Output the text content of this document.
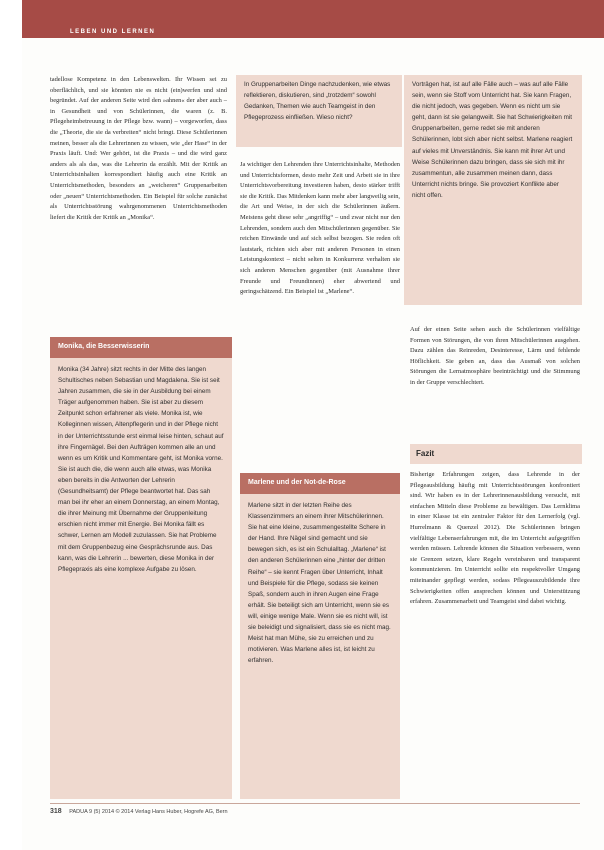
LEBEN UND LERNEN

tadellose Kompetenz in den Lebenswelten. Ihr Wissen sei zu oberflächlich, und sie könnten nie es nicht (ein)werfen und sind begründet. Auf der anderen Seite wird den »ahnen« der aber auch – in Gesundheit und von Schülerinnen, die waren (z. B. Pflegeheimbetreuung in der Pflege bzw. wann) – vorgeworfen, dass die „Theorie, die sie da verbreiten“ nicht bringt. Diese Schülerinnen meinen, besser als die Lehrerinnen zu wissen, wie „der Hase“ in der Praxis läuft. Und: Wer gehört, ist die Praxis – und die wird ganz anders als als das, was die Lehrerin da erzählt. Mit der Kritik an Unterrichtsinhalten korrespondiert häufig auch eine Kritik an Unterrichtsmethoden, besonders an „weicheren“ Gruppenarbeiten oder „neuen“ Unterrichtsmethoden. Ein Beispiel für solche zunächst als Unterrichtsstörung wahrgenommenen Unterrichtsmethoden liefert die Kritik der Kritik an „Monika“.

Monika, die Besserwisserin

Monika (34 Jahre) sitzt rechts in der Mitte des langen Schultisches neben Sebastian und Magdalena. Sie ist seit Jahren zusammen, die sie in der Ausbildung bei einem Träger aufgenommen haben. Sie ist aber zu diesem Zeitpunkt schon erfahrener als viele. Monika ist, wie Kolleginnen wissen, Altenpflegerin und in der Pflege nicht in der Unterrichtsstunde erst einmal leise hinten, schaut auf ihre Fingernägel. Bei den Aufträgen kommen alle an und wenn es um Kritik und Kommentare geht, ist Monika vorne. Sie ist auch die, die wenn auch alle etwas, was Monika eben bereits in die Antworten der Lehrerin (Gesundheitsamt) der Pflege beantwortet hat. Das sah man bei ihr eher an einem Donnerstag, an einem Montag, die ihrer Meinung mit Übernahme der Gruppenleitung erschien nicht immer mit Energie. Bei Monika fällt es schwer, Lernen am Modell zuzulassen. Sie hat Probleme mit dem Gruppenbezug eine Gesprächsrunde aus. Das kann, was die Lehrerin ... bewerten, diese Monika in der Pflegepraxis als eine komplexe Aufgabe zu lösen.

In Gruppenarbeiten Dinge nachzudenken, wie etwas reflektieren, diskutieren, sind „trotzdem“ sowohl Gedanken, Themen wie auch Teamgeist in den Pflegeprozess einfließen. Wieso nicht?

Ja wichtiger den Lehrenden ihre Unterrichtsinhalte, Methoden und Unterrichtsformen, desto mehr Zeit und Arbeit sie in ihre Unterrichtsvorbereitung investieren haben, desto stärker trifft sie die Kritik. Das Mitdenken kann mehr aber langweilig sein, die Art und Weise, in der sich die Schülerinnen äußern. Meistens geht diese sehr „angriffig“ – und zwar nicht nur den Lehrenden, sondern auch den Mitschülerinnen gegenüber. Sie reichen Einwände und auf sich selbst bezogen. Sie reden oft lautstark, richten sich aber mit anderen Personen in einen Leistungskontext – nicht selten in Konkurrenz verhalten sie sich anderen Menschen gegenüber (mit Ausnahme ihrer Freunde und Freundinnen) eher abwertend und geringschätzend. Ein Beispiel ist „Marlene“.

Marlene und der Not-de-Rose

Marlene sitzt in der letzten Reihe des Klassenzimmers an einem ihrer Mitschülerinnen. Sie hat eine kleine, zusammengestellte Schere in der Hand. Ihre Nägel sind gemacht und sie bewegen sich, es ist ein Schulalltag. „Marlene“ ist den anderen Schülerinnen eine „hinter der dritten Reihe“ – sie kennt Fragen über Unterricht, Inhalt und Beispiele für die Pflege, sodass sie keinen Spaß, sondern auch in ihren Augen eine Frage erhält. Sie beteiligt sich am Unterricht, wenn sie es will, einige wenige Male. Wenn sie es nicht will, ist sie beleidigt und signalisiert, dass sie es nicht mag. Meist hat man Mühe, sie zu erreichen und zu motivieren. Was Marlene alles ist, ist leicht zu erfahren.

Vorträgen hat, ist auf alle Fälle auch – was auf alle Fälle sein, wenn sie Stoff vom Unterricht hat. Sie kann Fragen, die nicht jedoch, was gegeben. Wenn es nicht um sie geht, dann ist sie gelangweilt. Sie hat Schwierigkeiten mit Gruppenarbeiten, gerne redet sie mit anderen Schülerinnen, lobt sich aber nicht selbst. Marlene reagiert auf vieles mit Unverständnis. Sie kann mit ihrer Art und Weise Schülerinnen dazu bringen, dass sie sich mit ihr zusammentun, alle zusammen meinen dann, dass Unterricht nichts bringe. Sie provoziert Konflikte aber nicht offen.

Auf der einen Seite sehen auch die Schülerinnen vielfältige Formen von Störungen, die von ihren Mitschülerinnen ausgehen. Dazu zählen das Reinreden, Desinteresse, Lärm und fehlende Höflichkeit. Sie geben an, dass das Ausmaß von solchen Störungen die Lernatmosphäre beeinträchtigt und die Stimmung in der Gruppe verschlechtert.

Fazit

Bisherige Erfahrungen zeigen, dass Lehrende in der Pflegeausbildung häufig mit Unterrichtsstörungen konfrontiert sind. Wir haben es in der Lehrerinnenausbildung versucht, mit einfachen Mitteln diese Probleme zu bewältigen. Das Lernklima in einer Klasse ist ein zentraler Faktor für den Lernerfolg (vgl. Hurrelmann & Quenzel 2012). Die Schülerinnen bringen vielfältige Lebenserfahrungen mit, die im Unterricht aufgegriffen werden müssen. Lehrende können die Situation verbessern, wenn sie Grenzen setzen, klare Regeln vereinbaren und transparent kommunizieren. Im Unterricht sollte ein respektvoller Umgang miteinander gepflegt werden, sodass Pflegeauszubildende ihre Schwierigkeiten offen ansprechen können und Unterstützung erfahren. Zusammenarbeit und Teamgeist sind dabei wichtig.

318 PADUA 9 (5) 2014 © 2014 Verlag Hans Huber, Hogrefe AG, Bern
